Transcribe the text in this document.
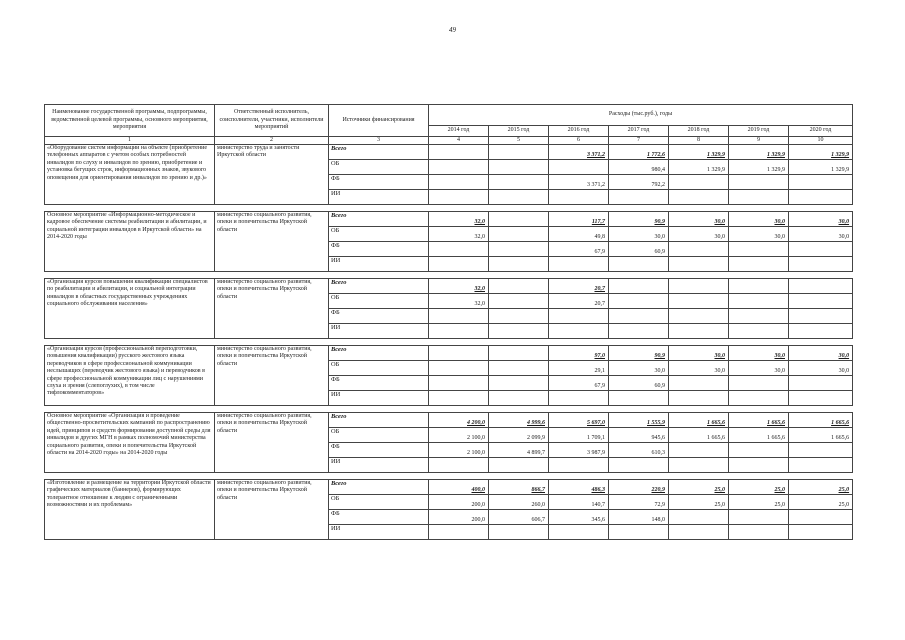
49
Наименование государственной программы, подпрограммы, ведомственной целевой программы, основного мероприятия, мероприятия	Ответственный исполнитель, соисполнители, участники, исполнители мероприятий	Источники финансирования	Расходы (тыс.руб.), годы						
			2014 год	2015 год	2016 год	2017 год	2018 год	2019 год	2020 год
1	2	3	4	5	6	7	8	9	10
«Оборудование систем информации на объекте (приобретение телефонных аппаратов с учетом особых потребностей инвалидов по слуху и инвалидов по зрению, приобретение и установка бегущих строк, информационных знаков, звукового оповещения для ориентирования инвалидов по зрению и др.)»	министерство труда и занятости Иркутской области	Всего			3 371,2	1 772,6	1 329,9	1 329,9	1 329,9
		ОБ				980,4	1 329,9	1 329,9	1 329,9
		ФБ			3 371,2	792,2			
		ИИ							

Основное мероприятие «Информационно-методическое и кадровое обеспечение системы реабилитации и абилитации, и социальной интеграции инвалидов в Иркутской области» на 2014-2020 годы	министерство социального развития, опеки и попечительства Иркутской области	Всего	32,0		117,7	90,9	30,0	30,0	30,0
		ОБ	32,0		49,8	30,0	30,0	30,0	30,0
		ФБ			67,9	60,9			
		ИИ							

«Организация курсов повышения квалификации специалистов по реабилитации и абилитации, и социальной интеграции инвалидов в областных государственных учреждениях социального обслуживания населения»	министерство социального развития, опеки и попечительства Иркутской области	Всего	32,0		20,7				
		ОБ	32,0		20,7				
		ФБ							
		ИИ							

«Организация курсов (профессиональной переподготовки, повышения квалификации) русского жестового языка переводчиков в сфере профессиональной коммуникации неслышащих (переводчик жестового языка) и переводчиков в сфере профессиональной коммуникации лиц с нарушениями слуха и зрения (слепоглухих), в том числе тифлокомментаторов»	министерство социального развития, опеки и попечительства Иркутской области	Всего			97,0	90,9	30,0	30,0	30,0
		ОБ			29,1	30,0	30,0	30,0	30,0
		ФБ			67,9	60,9			
		ИИ							

Основное мероприятие «Организация и проведение общественно-просветительских кампаний по распространению идей, принципов и средств формирования доступной среды для инвалидов и других МГН в рамках полномочий министерства социального развития, опеки и попечительства Иркутской области на 2014-2020 годы» на 2014-2020 годы	министерство социального развития, опеки и попечительства Иркутской области	Всего	4 200,0	4 999,6	5 697,0	1 555,9	1 665,6	1 665,6	1 665,6
		ОБ	2 100,0	2 099,9	1 709,1	945,6	1 665,6	1 665,6	1 665,6
		ФБ	2 100,0	4 899,7	3 987,9	610,3			
		ИИ							

«Изготовление и размещение на территории Иркутской области графических материалов (баннеров), формирующих толерантное отношение к людям с ограниченными возможностями и их проблемам»	министерство социального развития, опеки и попечительства Иркутской области	Всего	400,0	866,7	486,3	220,9	25,0	25,0	25,0
		ОБ	200,0	260,0	140,7	72,9	25,0	25,0	25,0
		ФБ	200,0	606,7	345,6	148,0			
		ИИ							
